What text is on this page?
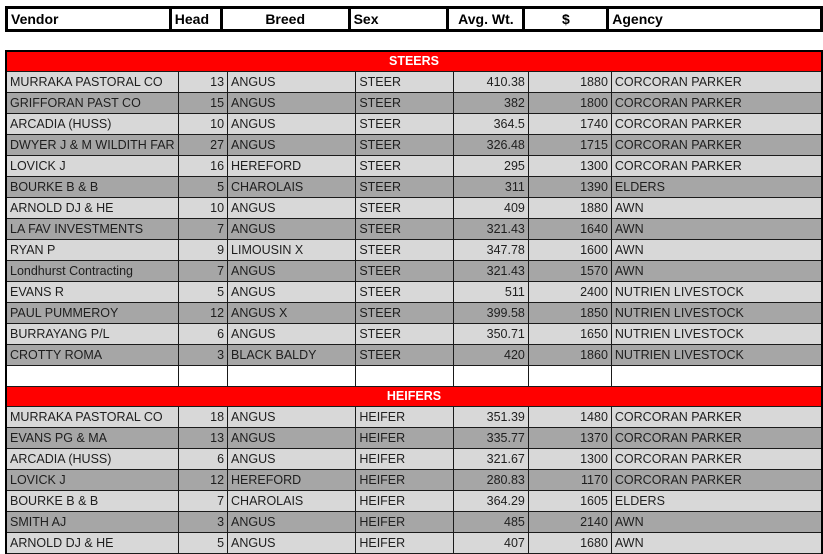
Vendor	Head	Breed	Sex	Avg. Wt.	$	Agency
STEERS						
MURRAKA PASTORAL CO	13	ANGUS	STEER	410.38	1880	CORCORAN PARKER
GRIFFORAN PAST CO	15	ANGUS	STEER	382	1800	CORCORAN PARKER
ARCADIA (HUSS)	10	ANGUS	STEER	364.5	1740	CORCORAN PARKER
DWYER J & M WILDITH FAR	27	ANGUS	STEER	326.48	1715	CORCORAN PARKER
LOVICK J	16	HEREFORD	STEER	295	1300	CORCORAN PARKER
BOURKE B & B	5	CHAROLAIS	STEER	311	1390	ELDERS
ARNOLD DJ & HE	10	ANGUS	STEER	409	1880	AWN
LA FAV INVESTMENTS	7	ANGUS	STEER	321.43	1640	AWN
RYAN P	9	LIMOUSIN X	STEER	347.78	1600	AWN
Londhurst Contracting	7	ANGUS	STEER	321.43	1570	AWN
EVANS R	5	ANGUS	STEER	511	2400	NUTRIEN LIVESTOCK
PAUL PUMMEROY	12	ANGUS X	STEER	399.58	1850	NUTRIEN LIVESTOCK
BURRAYANG P/L	6	ANGUS	STEER	350.71	1650	NUTRIEN LIVESTOCK
CROTTY ROMA	3	BLACK BALDY	STEER	420	1860	NUTRIEN LIVESTOCK

HEIFERS						
MURRAKA PASTORAL CO	18	ANGUS	HEIFER	351.39	1480	CORCORAN PARKER
EVANS PG & MA	13	ANGUS	HEIFER	335.77	1370	CORCORAN PARKER
ARCADIA (HUSS)	6	ANGUS	HEIFER	321.67	1300	CORCORAN PARKER
LOVICK J	12	HEREFORD	HEIFER	280.83	1170	CORCORAN PARKER
BOURKE B & B	7	CHAROLAIS	HEIFER	364.29	1605	ELDERS
SMITH AJ	3	ANGUS	HEIFER	485	2140	AWN
ARNOLD DJ & HE	5	ANGUS	HEIFER	407	1680	AWN
